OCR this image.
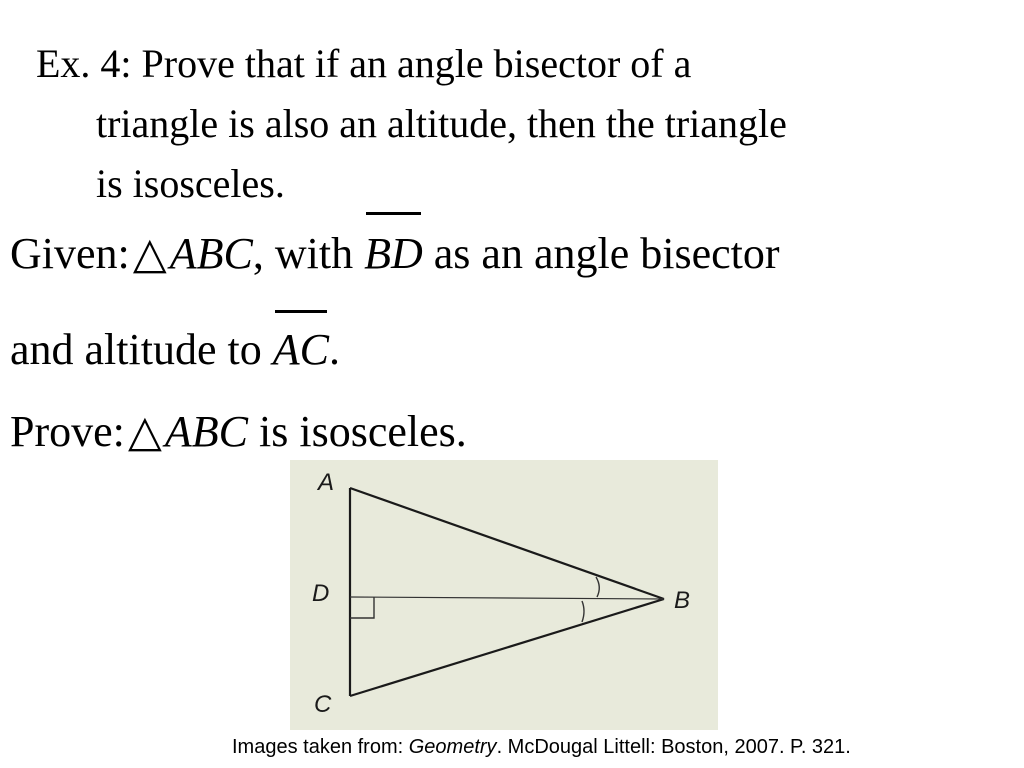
Ex. 4: Prove that if an angle bisector of a
triangle is also an altitude, then the triangle
is isosceles.
Given:△ABC, with BD as an angle bisector
and altitude to AC.
Prove:△ABC is isosceles.
A
D
C
B
Images taken from: Geometry. McDougal Littell: Boston, 2007. P. 321.
